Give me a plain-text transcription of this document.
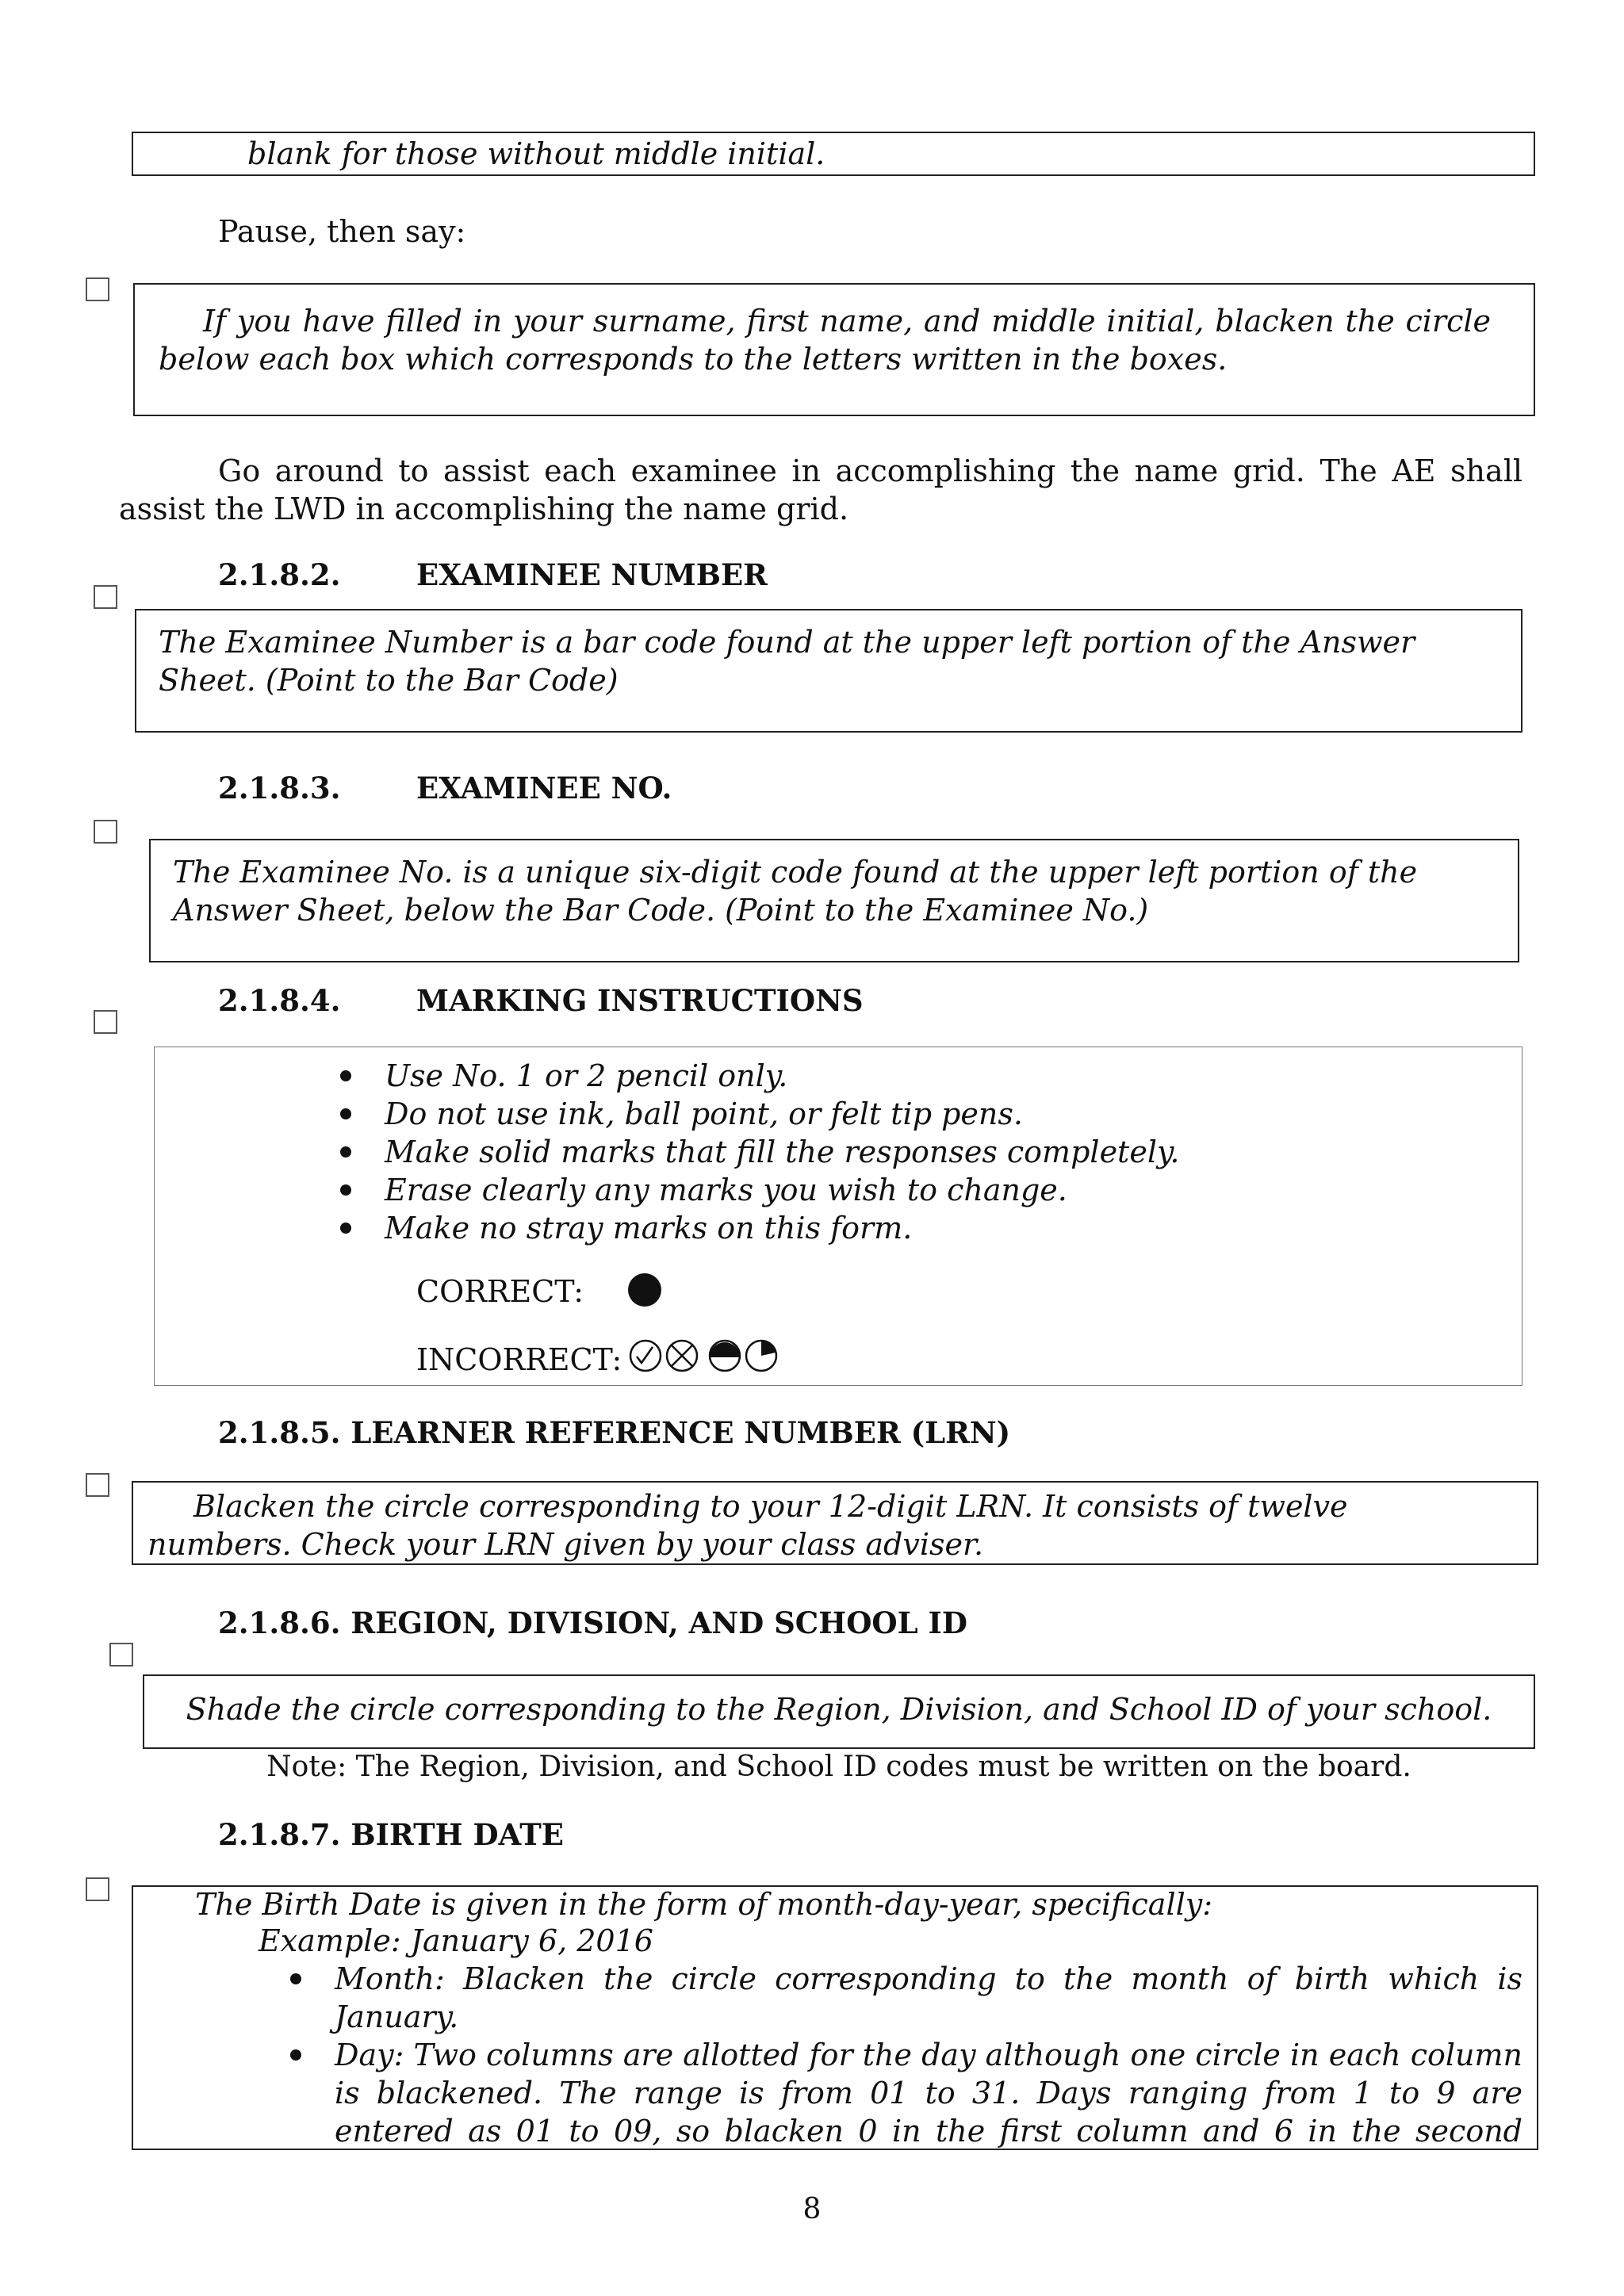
blank for those without middle initial.
Pause, then say:
If you have filled in your surname, first name, and middle initial, blacken the circle below each box which corresponds to the letters written in the boxes.
Go around to assist each examinee in accomplishing the name grid. The AE shall assist the LWD in accomplishing the name grid.
2.1.8.2.	EXAMINEE NUMBER
The Examinee Number is a bar code found at the upper left portion of the Answer Sheet. (Point to the Bar Code)
2.1.8.3.	EXAMINEE NO.
The Examinee No. is a unique six-digit code found at the upper left portion of the Answer Sheet, below the Bar Code. (Point to the Examinee No.)
2.1.8.4.	MARKING INSTRUCTIONS
Use No. 1 or 2 pencil only.
Do not use ink, ball point, or felt tip pens.
Make solid marks that fill the responses completely.
Erase clearly any marks you wish to change.
Make no stray marks on this form.
CORRECT:
INCORRECT:
2.1.8.5. LEARNER REFERENCE NUMBER (LRN)
Blacken the circle corresponding to your 12-digit LRN. It consists of twelve numbers. Check your LRN given by your class adviser.
2.1.8.6. REGION, DIVISION, AND SCHOOL ID
Shade the circle corresponding to the Region, Division, and School ID of your school.
Note: The Region, Division, and School ID codes must be written on the board.
2.1.8.7. BIRTH DATE
The Birth Date is given in the form of month-day-year, specifically:
Example: January 6, 2016
Month: Blacken the circle corresponding to the month of birth which is January.
Day: Two columns are allotted for the day although one circle in each column is blackened. The range is from 01 to 31. Days ranging from 1 to 9 are entered as 01 to 09, so blacken 0 in the first column and 6 in the second
8
